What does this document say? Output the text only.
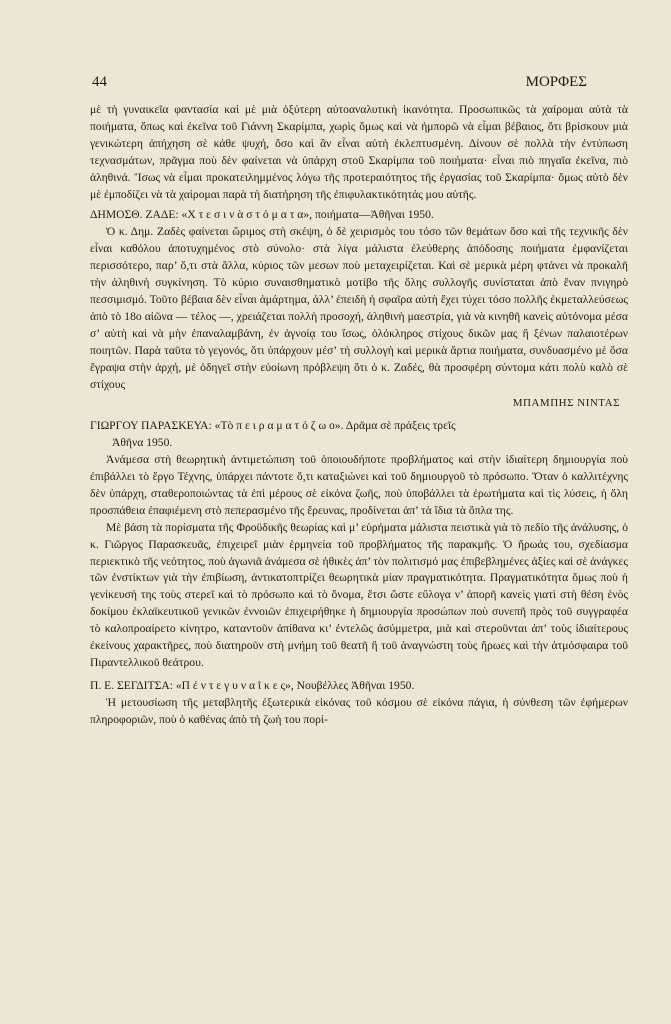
44	ΜΟΡΦΕΣ

μὲ τὴ γυναικεῖα φαντασία καὶ μὲ μιὰ ὀξύτερη αὐτοαναλυτικὴ ἱκανότητα. Προσωπικῶς τὰ χαίρομαι αὐτὰ τὰ ποιήματα, ὅπως καὶ ἐκεῖνα τοῦ Γιάννη Σκαρίμπα, χωρὶς ὅμως καὶ νὰ ἠμπορῶ νὰ εἶμαι βέβαιος, ὅτι βρίσκουν μιὰ γενικώτερη ἀπήχηση σὲ κάθε ψυχή, ὅσο καὶ ἂν εἶναι αὐτὴ ἐκλεπτυσμένη. Δίνουν σὲ πολλὰ τὴν ἐντύπωση τεχνασμάτων, πρᾶγμα ποὺ δὲν φαίνεται νὰ ὑπάρχη στοῦ Σκαρίμπα τοῦ ποιήματα· εἶναι πιὸ πηγαῖα ἐκεῖνα, πιὸ ἀληθινά. Ἴσως νὰ εἶμαι προκατειλημμένος λόγω τῆς προτεραιότητος τῆς ἐργασίας τοῦ Σκαρίμπα· ὅμως αὐτὸ δὲν μὲ ἐμποδίζει νὰ τὰ χαίρομαι παρὰ τὴ διατήρηση τῆς ἐπιφυλακτικότητάς μου αὐτῆς.

ΔΗΜΟΣΘ. ΖΑΔΕ: «Χ τ ε σ ι ν ὰ σ τ ό μ α τ α», ποιήματα—Ἀθῆναι 1950.

Ὁ κ. Δημ. Ζαδὲς φαίνεται ὥριμος στὴ σκέψη, ὁ δὲ χειρισμὸς του τόσο τῶν θεμάτων ὅσο καὶ τῆς τεχνικῆς δὲν εἶναι καθόλου ἀποτυχημένος στὸ σύνολο· στὰ λίγα μάλιστα ἐλεύθερης ἀπόδοσης ποιήματα ἐμφανίζεται περισσότερο, παρ’ ὅ,τι στὰ ἄλλα, κύριος τῶν μεσων ποὺ μεταχειρίζεται. Καὶ σὲ μερικὰ μέρη φτάνει νὰ προκαλῆ τὴν ἀληθινὴ συγκίνηση. Τὸ κύριο συναισθηματικὸ μοτίβο τῆς ὅλης συλλογῆς συνίσταται ἀπὸ ἕναν πνιγηρὸ πεσσιμισμό. Τοῦτο βέβαια δὲν εἶναι ἁμάρτημα, ἀλλ’ ἐπειδὴ ἡ σφαῖρα αὐτὴ ἔχει τύχει τόσο πολλῆς ἐκμεταλλεύσεως ἀπὸ τὸ 18ο αἰῶνα — τέλος —, χρειάζεται πολλὴ προσοχή, ἀληθινὴ μαεστρία, γιὰ νὰ κινηθῆ κανεὶς αὐτόνομα μέσα σ’ αὐτὴ καὶ νὰ μὴν ἐπαναλαμβάνη, ἐν ἀγνοίᾳ του ἴσως, ὁλόκληρος στίχους δικῶν μας ἢ ξένων παλαιοτέρων ποιητῶν. Παρὰ ταῦτα τὸ γεγονός, ὅτι ὑπάρχουν μέσ’ τὴ συλλογὴ καὶ μερικὰ ἄρτια ποιήματα, συνδυασμένο μὲ ὅσα ἔγραψα στὴν ἀρχή, μὲ ὁδηγεῖ στὴν εὐοίωνη πρόβλεψη ὅτι ὁ κ. Ζαδές, θὰ προσφέρη σύντομα κάτι πολὺ καλὸ σὲ στίχους

ΜΠΑΜΠΗΣ ΝΙΝΤΑΣ

ΓΙΩΡΓΟΥ ΠΑΡΑΣΚΕΥΑ: «Τὸ π ε ι ρ α μ α τ ό ζ ω ο». Δρᾶμα σὲ πράξεις τρεῖς

Ἀθῆνα 1950.

Ἀνάμεσα στὴ θεωρητικὴ ἀντιμετώπιση τοῦ ὁποιουδήποτε προβλήματος καὶ στὴν ἰδιαίτερη δημιουργία ποὺ ἐπιβάλλει τὸ ἔργο Τέχνης, ὑπάρχει πάντοτε ὅ,τι καταξιώνει καὶ τοῦ δημιουργοῦ τὸ πρόσωπο. Ὅταν ὁ καλλιτέχνης δὲν ὑπάρχη, σταθεροποιώντας τὰ ἐπὶ μέρους σὲ εἰκόνα ζωῆς, ποὺ ὑποβάλλει τὰ ἐρωτήματα καὶ τὶς λύσεις, ἡ ὅλη προσπάθεια ἐπαφιέμενη στὸ πεπερασμένο τῆς ἔρευνας, προδίνεται ἀπ’ τὰ ἴδια τὰ ὅπλα της.

Μὲ βάση τὰ πορίσματα τῆς Φροϋδικῆς θεωρίας καὶ μ’ εὑρήματα μάλιστα πειστικὰ γιὰ τὸ πεδίο τῆς ἀνάλυσης, ὁ κ. Γιῶργος Παρασκευᾶς, ἐπιχειρεῖ μιὰν ἑρμηνεία τοῦ προβλήματος τῆς παρακμῆς. Ὁ ἥρωάς του, σχεδίασμα περιεκτικὸ τῆς νεότητος, ποὺ ἀγωνιᾶ ἀνάμεσα σὲ ἠθικὲς ἀπ’ τὸν πολιτισμό μας ἐπιβεβλημένες ἀξίες καὶ σὲ ἀνάγκες τῶν ἐνστίκτων γιὰ τὴν ἐπιβίωση, ἀντικατοπτρίζει θεωρητικὰ μίαν πραγματικότητα. Πραγματικότητα ὅμως ποὺ ἡ γενίκευσή της τοὺς στερεῖ καὶ τὸ πρόσωπο καὶ τὸ ὄνομα, ἔτσι ὥστε εὔλογα ν’ ἀπορῆ κανεὶς γιατὶ στὴ θέση ἑνὸς δοκίμου ἐκλαϊκευτικοῦ γενικῶν ἐννοιῶν ἐπιχειρήθηκε ἡ δημιουργία προσώπων ποὺ συνεπῆ πρὸς τοῦ συγγραφέα τὸ καλοπροαίρετο κίνητρο, καταντοῦν ἀπίθανα κι’ ἐντελῶς ἀσύμμετρα, μιὰ καὶ στεροῦνται ἀπ’ τοὺς ἰδιαίτερους ἐκείνους χαρακτῆρες, ποὺ διατηροῦν στὴ μνήμη τοῦ θεατῆ ἢ τοῦ ἀναγνώστη τοὺς ἥρωες καὶ τὴν ἀτμόσφαιρα τοῦ Πιραντελλικοῦ θεάτρου.

Π. Ε. ΣΕΓΔΙΤΣΑ: «Π έ ν τ ε γ υ ν α ῖ κ ε ς», Νουβέλλες Ἀθῆναι 1950.

Ἡ μετουσίωση τῆς μεταβλητῆς ἐξωτερικὰ εἰκόνας τοῦ κόσμου σὲ εἰκόνα πάγια, ἡ σύνθεση τῶν ἐφήμερων πληροφοριῶν, ποὺ ὁ καθένας ἀπὸ τὴ ζωὴ του πορί-
